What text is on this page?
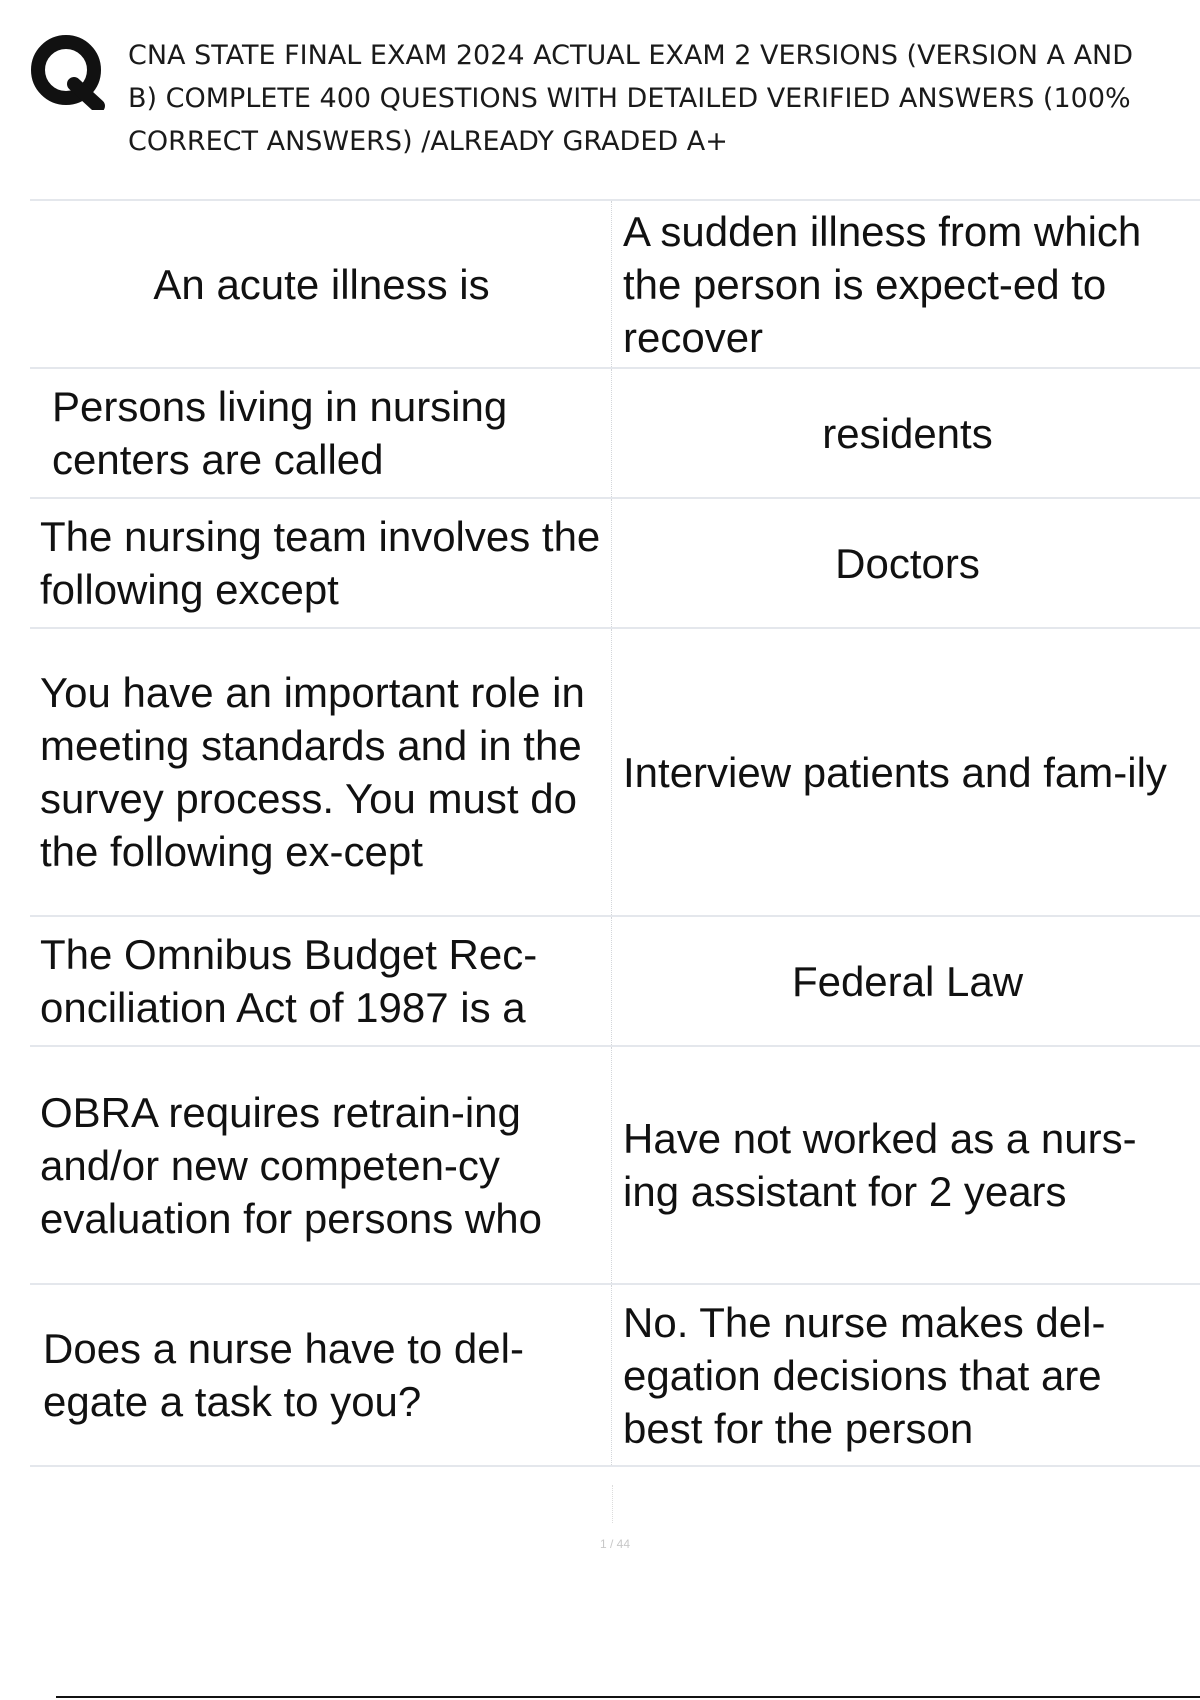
CNA STATE FINAL EXAM 2024 ACTUAL EXAM 2 VERSIONS (VERSION A AND
B) COMPLETE 400 QUESTIONS WITH DETAILED VERIFIED ANSWERS (100%
CORRECT ANSWERS) /ALREADY GRADED A+
An acute illness is
A sudden illness from which the person is expect-ed to recover
Persons living in nursing centers are called
residents
The nursing team involves the following except
Doctors
You have an important role in meeting standards and in the survey process. You must do the following ex-cept
Interview patients and fam-ily
The Omnibus Budget Rec-onciliation Act of 1987 is a
Federal Law
OBRA requires retrain-ing and/or new competen-cy evaluation for persons who
Have not worked as a nurs-ing assistant for 2 years
Does a nurse have to del-egate a task to you?
No. The nurse makes del-egation decisions that are best for the person
1 / 44
